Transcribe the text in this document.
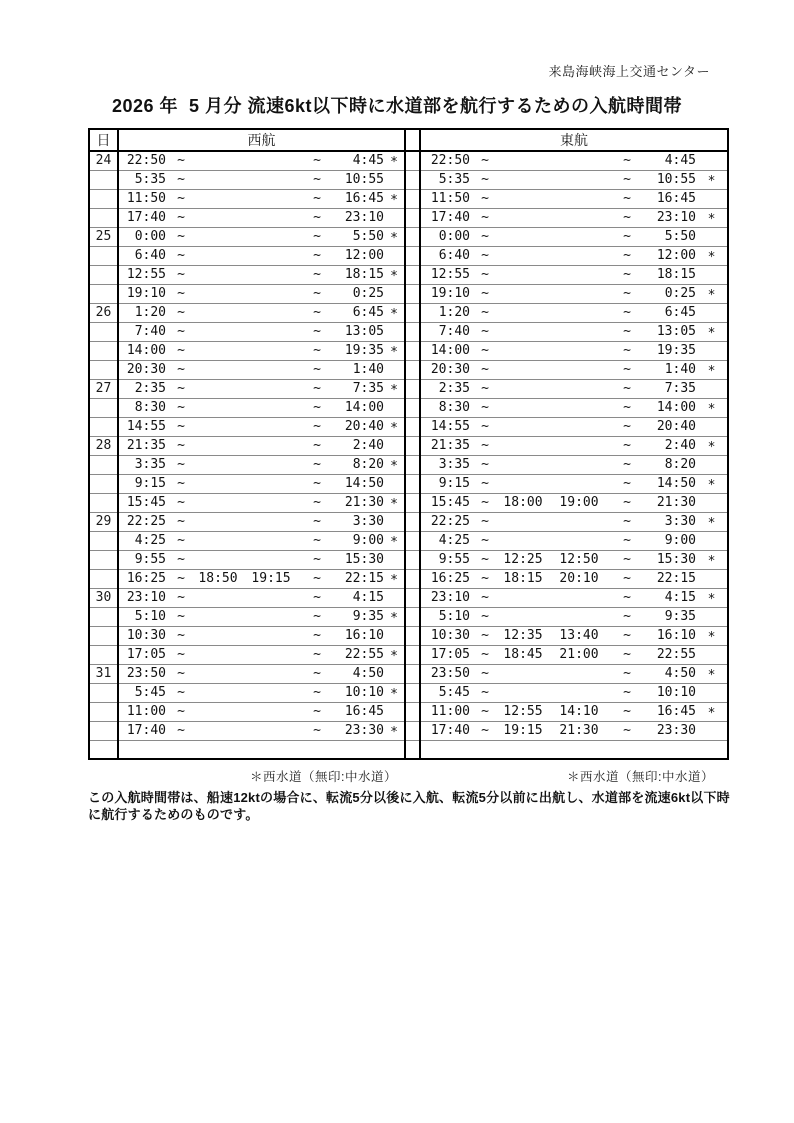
来島海峡海上交通センター
2026 年  5 月分 流速6kt以下時に水道部を航行するための入航時間帯
日	西航								東航						
24	22:50	~			~	4:45	*		22:50	~			~	4:45	
	5:35	~			~	10:55			5:35	~			~	10:55	*
	11:50	~			~	16:45	*		11:50	~			~	16:45	
	17:40	~			~	23:10			17:40	~			~	23:10	*
25	0:00	~			~	5:50	*		0:00	~			~	5:50	
	6:40	~			~	12:00			6:40	~			~	12:00	*
	12:55	~			~	18:15	*		12:55	~			~	18:15	
	19:10	~			~	0:25			19:10	~			~	0:25	*
26	1:20	~			~	6:45	*		1:20	~			~	6:45	
	7:40	~			~	13:05			7:40	~			~	13:05	*
	14:00	~			~	19:35	*		14:00	~			~	19:35	
	20:30	~			~	1:40			20:30	~			~	1:40	*
27	2:35	~			~	7:35	*		2:35	~			~	7:35	
	8:30	~			~	14:00			8:30	~			~	14:00	*
	14:55	~			~	20:40	*		14:55	~			~	20:40	
28	21:35	~			~	2:40			21:35	~			~	2:40	*
	3:35	~			~	8:20	*		3:35	~			~	8:20	
	9:15	~			~	14:50			9:15	~			~	14:50	*
	15:45	~			~	21:30	*		15:45	~	18:00	19:00	~	21:30	
29	22:25	~			~	3:30			22:25	~			~	3:30	*
	4:25	~			~	9:00	*		4:25	~			~	9:00	
	9:55	~			~	15:30			9:55	~	12:25	12:50	~	15:30	*
	16:25	~	18:50	19:15	~	22:15	*		16:25	~	18:15	20:10	~	22:15	
30	23:10	~			~	4:15			23:10	~			~	4:15	*
	5:10	~			~	9:35	*		5:10	~			~	9:35	
	10:30	~			~	16:10			10:30	~	12:35	13:40	~	16:10	*
	17:05	~			~	22:55	*		17:05	~	18:45	21:00	~	22:55	
31	23:50	~			~	4:50			23:50	~			~	4:50	*
	5:45	~			~	10:10	*		5:45	~			~	10:10	
	11:00	~			~	16:45			11:00	~	12:55	14:10	~	16:45	*
	17:40	~			~	23:30	*		17:40	~	19:15	21:30	~	23:30	

＊西水道（無印:中水道）	＊西水道（無印:中水道）
この入航時間帯は、船速12ktの場合に、転流5分以後に入航、転流5分以前に出航し、水道部を流速6kt以下時に航行するためのものです。
